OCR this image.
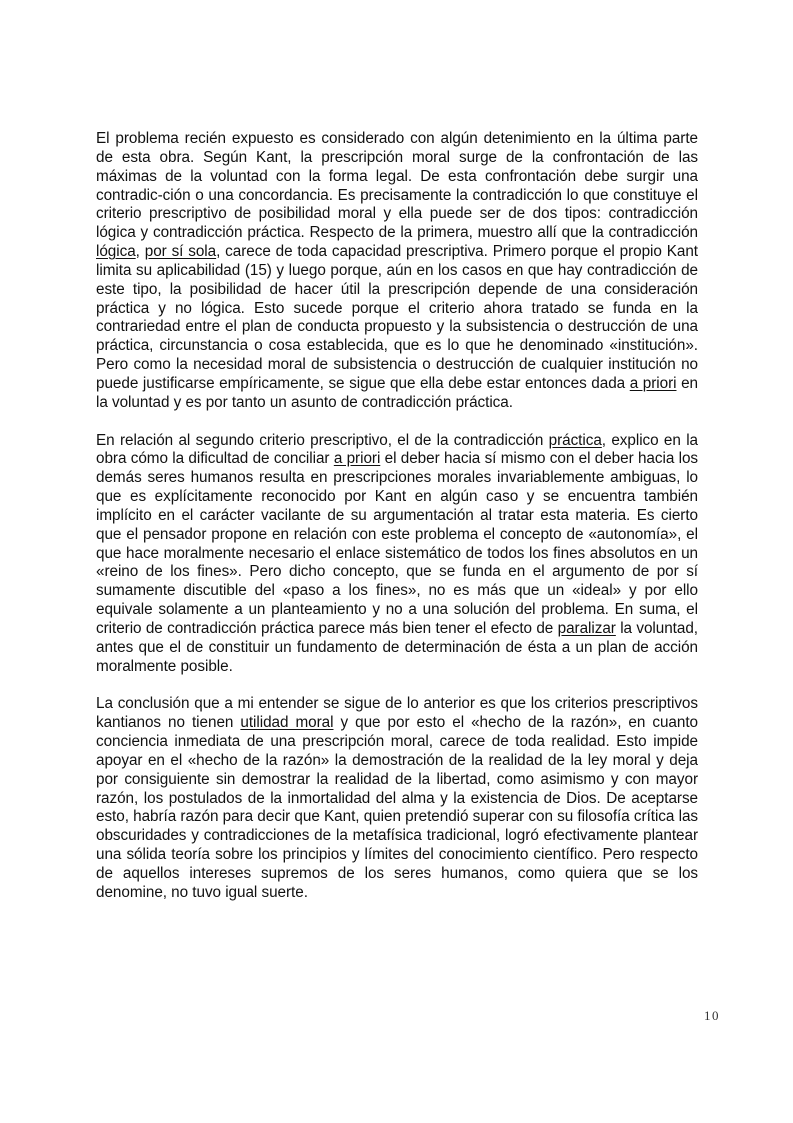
El problema recién expuesto es considerado con algún detenimiento en la última parte de esta obra. Según Kant, la prescripción moral surge de la confrontación de las máximas de la voluntad con la forma legal. De esta confrontación debe surgir una contradic-ción o una concordancia. Es precisamente la contradicción lo que constituye el criterio prescriptivo de posibilidad moral y ella puede ser de dos tipos: contradicción lógica y contradicción práctica. Respecto de la primera, muestro allí que la contradicción lógica, por sí sola, carece de toda capacidad prescriptiva. Primero porque el propio Kant limita su aplicabilidad (15) y luego porque, aún en los casos en que hay contradicción de este tipo, la posibilidad de hacer útil la prescripción depende de una consideración práctica y no lógica. Esto sucede porque el criterio ahora tratado se funda en la contrariedad entre el plan de conducta propuesto y la subsistencia o destrucción de una práctica, circunstancia o cosa establecida, que es lo que he denominado «institución». Pero como la necesidad moral de subsistencia o destrucción de cualquier institución no puede justificarse empíricamente, se sigue que ella debe estar entonces dada a priori en la voluntad y es por tanto un asunto de contradicción práctica.

En relación al segundo criterio prescriptivo, el de la contradicción práctica, explico en la obra cómo la dificultad de conciliar a priori el deber hacia sí mismo con el deber hacia los demás seres humanos resulta en prescripciones morales invariablemente ambiguas, lo que es explícitamente reconocido por Kant en algún caso y se encuentra también implícito en el carácter vacilante de su argumentación al tratar esta materia. Es cierto que el pensador propone en relación con este problema el concepto de «autonomía», el que hace moralmente necesario el enlace sistemático de todos los fines absolutos en un «reino de los fines». Pero dicho concepto, que se funda en el argumento de por sí sumamente discutible del «paso a los fines», no es más que un «ideal» y por ello equivale solamente a un planteamiento y no a una solución del problema. En suma, el criterio de contradicción práctica parece más bien tener el efecto de paralizar la voluntad, antes que el de constituir un fundamento de determinación de ésta a un plan de acción moralmente posible.

La conclusión que a mi entender se sigue de lo anterior es que los criterios prescriptivos kantianos no tienen utilidad moral y que por esto el «hecho de la razón», en cuanto conciencia inmediata de una prescripción moral, carece de toda realidad. Esto impide apoyar en el «hecho de la razón» la demostración de la realidad de la ley moral y deja por consiguiente sin demostrar la realidad de la libertad, como asimismo y con mayor razón, los postulados de la inmortalidad del alma y la existencia de Dios. De aceptarse esto, habría razón para decir que Kant, quien pretendió superar con su filosofía crítica las obscuridades y contradicciones de la metafísica tradicional, logró efectivamente plantear una sólida teoría sobre los principios y límites del conocimiento científico. Pero respecto de aquellos intereses supremos de los seres humanos, como quiera que se los denomine, no tuvo igual suerte.

10
